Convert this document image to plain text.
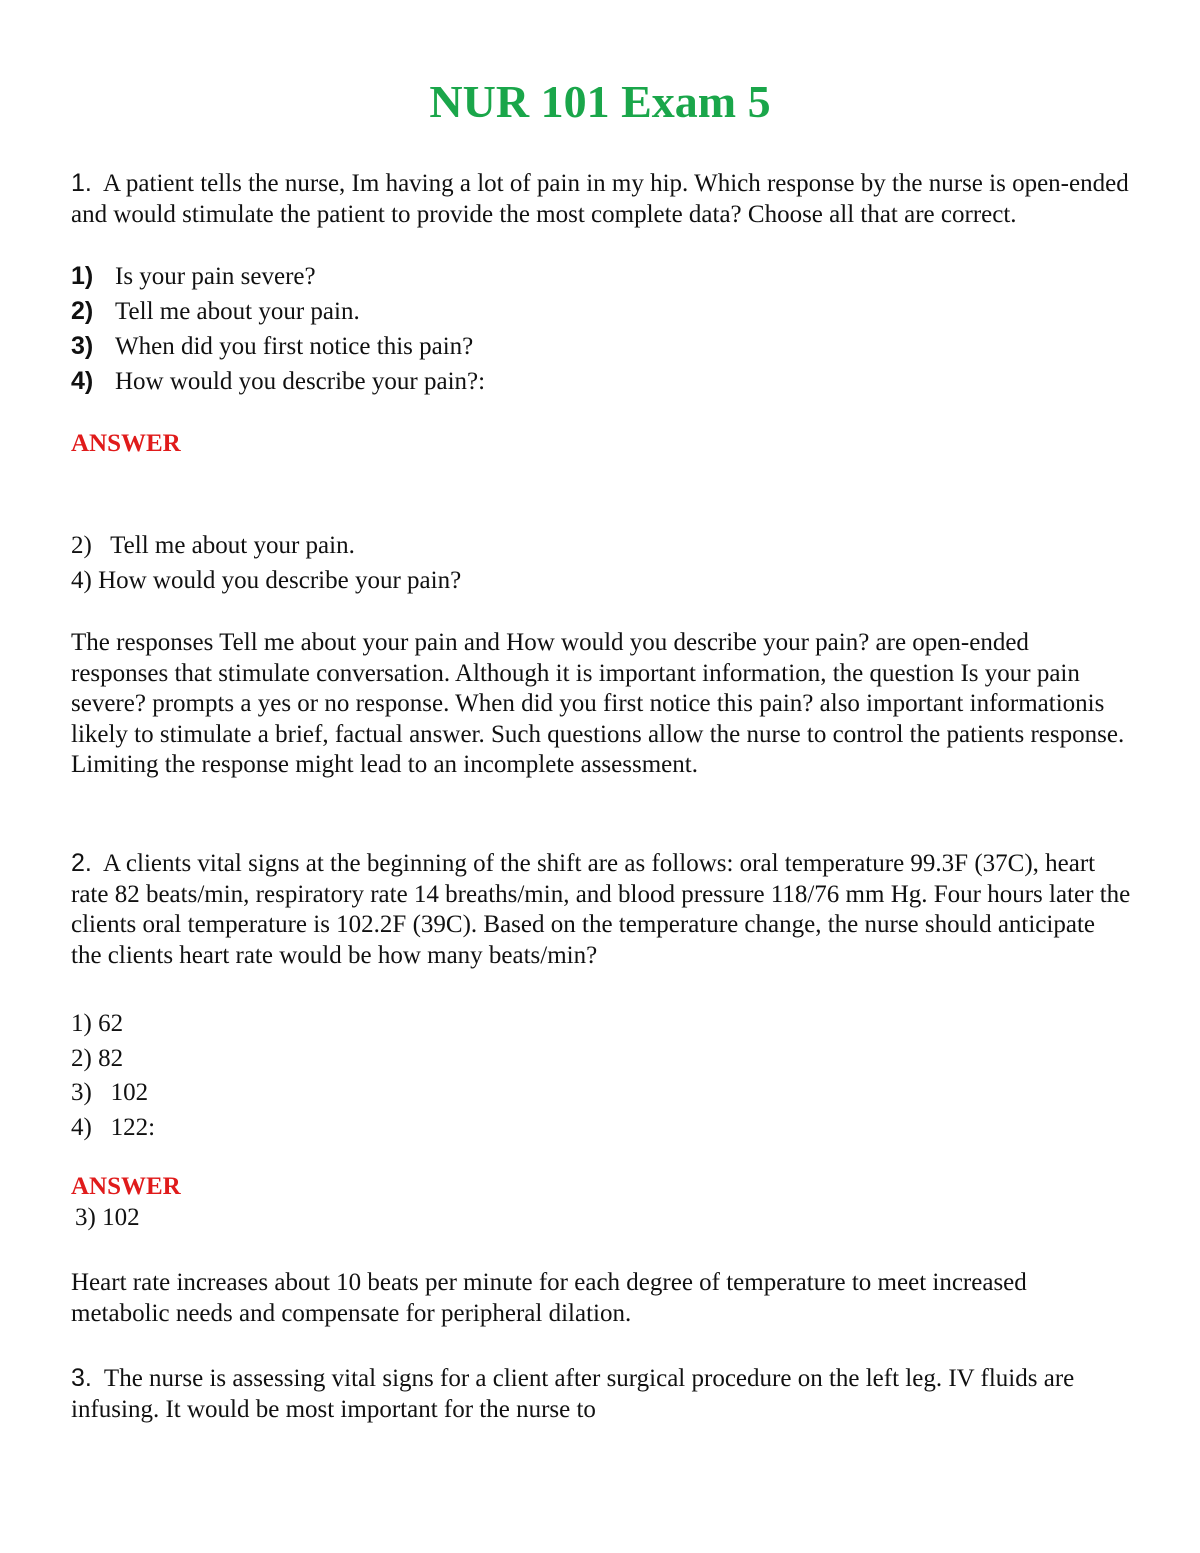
NUR 101 Exam 5
1. A patient tells the nurse, Im having a lot of pain in my hip. Which response by the nurse is open-ended and would stimulate the patient to provide the most complete data? Choose all that are correct.
1) Is your pain severe?
2) Tell me about your pain.
3) When did you first notice this pain?
4) How would you describe your pain?:
ANSWER
2)   Tell me about your pain.
4) How would you describe your pain?
The responses Tell me about your pain and How would you describe your pain? are open-ended responses that stimulate conversation. Although it is important information, the question Is your pain severe? prompts a yes or no response. When did you first notice this pain? also important informationis likely to stimulate a brief, factual answer. Such questions allow the nurse to control the patients response.
Limiting the response might lead to an incomplete assessment.
2. A clients vital signs at the beginning of the shift are as follows: oral temperature 99.3F (37C), heart rate 82 beats/min, respiratory rate 14 breaths/min, and blood pressure 118/76 mm Hg. Four hours later the clients oral temperature is 102.2F (39C). Based on the temperature change, the nurse should anticipate the clients heart rate would be how many beats/min?
1) 62
2) 82
3)   102
4)   122:
ANSWER
3) 102
Heart rate increases about 10 beats per minute for each degree of temperature to meet increased metabolic needs and compensate for peripheral dilation.
3. The nurse is assessing vital signs for a client after surgical procedure on the left leg. IV fluids are infusing. It would be most important for the nurse to
